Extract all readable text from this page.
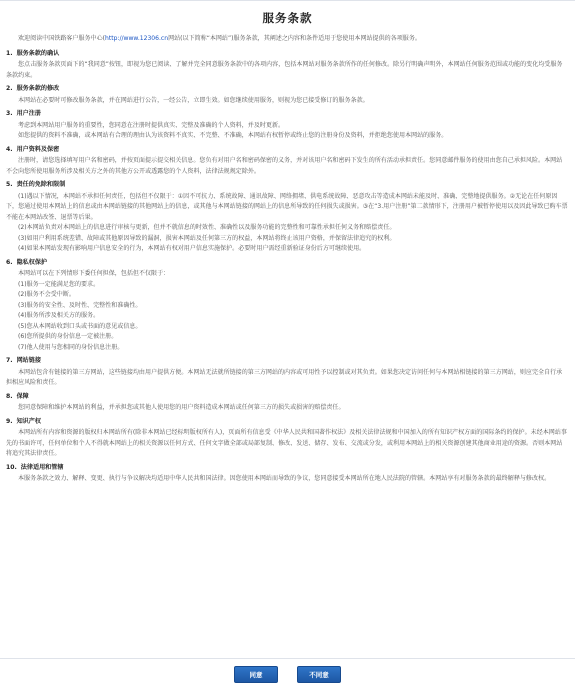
服务条款

欢迎阅读中国铁路客户服务中心(http://www.12306.cn网站(以下简称“本网站”)服务条款，其阐述之内容和条件适用于您使用本网站提供的各项服务。

1. 服务条款的确认

您点击服务条款页面下的“我同意”按钮，即视为您已阅读、了解并完全同意服务条款中的各项内容，包括本网站对服务条款所作的任何修改。除另行明确声明外，本网站任何服务范围或功能的变化均受服务条款约束。

2. 服务条款的修改

本网站在必要时可修改服务条款，并在网站进行公告，一经公告，立即生效。如您继续使用服务，则视为您已接受修订的服务条款。

3. 用户注册

考虑到本网站用户服务的重要性，您同意在注册时提供真实、完整及准确的个人资料，并及时更新。

如您提供的资料不准确，或本网站有合理的理由认为该资料不真实、不完整、不准确，本网站有权暂停或终止您的注册身份及资料，并拒绝您使用本网站的服务。

4. 用户资料及保密

注册时，请您选择填写用户名和密码，并按页面提示提交相关信息。您负有对用户名和密码保密的义务，并对该用户名和密码下发生的所有活动承担责任。您同意邮件服务的使用由您自己承担风险。本网站不会向您所使用服务所涉及相关方之外的其他方公开或透露您的个人资料，法律法规规定除外。

5. 责任的免除和限制

(1)遇以下情况，本网站不承担任何责任，包括但不仅限于：①因不可抗力、系统故障、通讯故障、网络拥堵、供电系统故障、恶意攻击等造成本网站未能及时、准确、完整地提供服务。②无论在任何原因下，您通过使用本网站上的信息或由本网站链接的其他网站上的信息，或其他与本网站链接的网站上的信息所导致的任何损失或损害。③在“3.用户注册”第二款情形下，注册用户被暂停使用以及因此导致已购车票不能在本网站改签、退票等后果。

(2)本网站负责对本网站上的信息进行审核与更新，但并不就信息的时效性、准确性以及服务功能的完整性和可靠性承担任何义务和赔偿责任。

(3)如用户利用系统差错、故障或其他原因导致的漏洞，损害本网站及任何第三方的权益，本网站将终止该用户资格，并保留法律追究的权利。

(4)如果本网站发现有影响用户信息安全的行为，本网站有权对用户信息实施保护。必要时用户需经重新验证身份后方可继续使用。

6. 隐私权保护

本网站可以在下列情形下委任何担保，包括但不仅限于：

(1)服务一定能满足您的要求。

(2)服务不会受中断。

(3)服务的安全性、及时性、完整性和准确性。

(4)服务所涉及相关方的服务。

(5)您从本网站收到口头或书面的意见或信息。

(6)您所提供的身份信息一定被注册。

(7)他人使用与您相同的身份信息注册。

7. 网站链接

本网站包含有链接的第三方网站，这些链接均由用户提供方便。本网站无法就所链接的第三方网站的内容或可用性予以控制或对其负责。如果您决定访问任何与本网站相链接的第三方网站，则应完全自行承担相应风险和责任。

8. 保障

您同意保障和维护本网站的利益，并承担您或其他人使用您的用户资料造成本网站或任何第三方的损失或损害的赔偿责任。

9. 知识产权

本网站所有内容和资源的版权归本网站所有(除非本网站已经标明版权所有人)，页面所有信息受《中华人民共和国著作权法》及相关法律法规和中国加入的所有知识产权方面的国际条约的保护。未经本网站事先的书面许可，任何单位和个人不得就本网站上的相关资源以任何方式、任何文字做全部或局部复制、修改、发送、储存、发布、交流或分发，或利用本网站上的相关资源创建其他商业用途的资源。否则本网站将追究其法律责任。

10. 法律适用和管辖

本服务条款之效力、解释、变更、执行与争议解决均适用中华人民共和国法律。因您使用本网站而导致的争议，您同意接受本网站所在地人民法院的管辖。本网站享有对服务条款的最终解释与修改权。

同意	不同意
